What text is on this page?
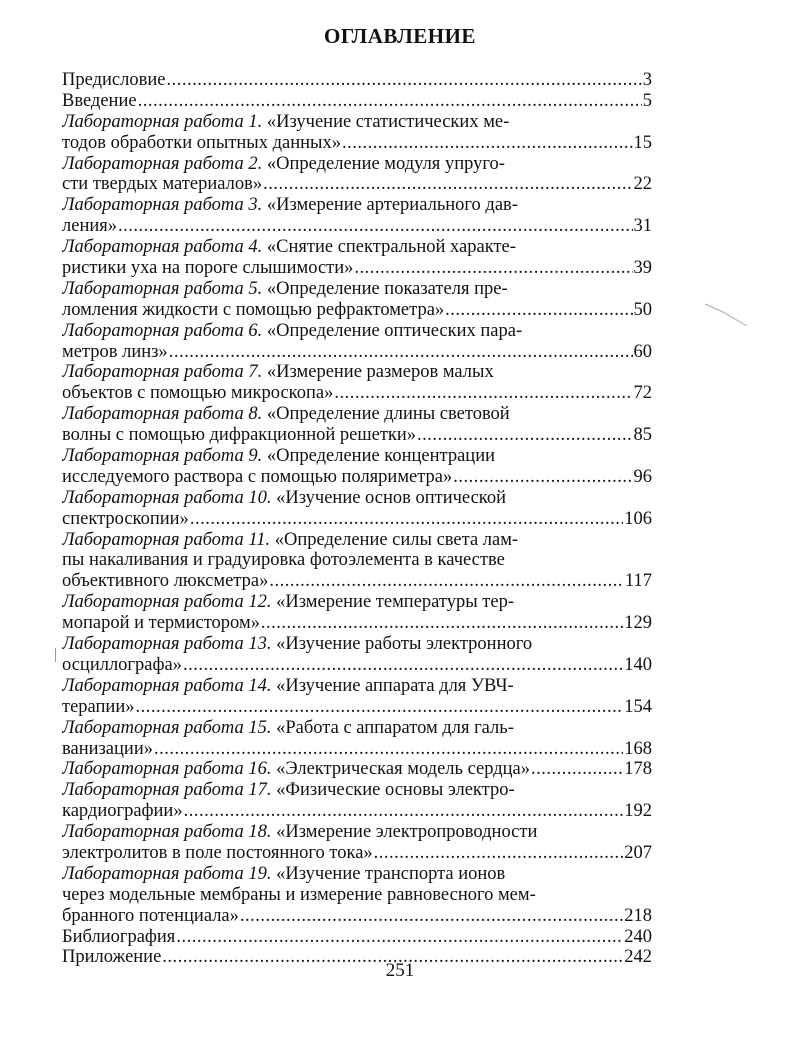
ОГЛАВЛЕНИЕ
Предисловие .....	3
Введение .....	5
Лабораторная работа 1. «Изучение статистических ме-
тодов обработки опытных данных» .....	15
Лабораторная работа 2. «Определение модуля упруго-
сти твердых материалов» .....	22
Лабораторная работа 3. «Измерение артериального дав-
ления» .....	31
Лабораторная работа 4. «Снятие спектральной характе-
ристики уха на пороге слышимости» .....	39
Лабораторная работа 5. «Определение показателя пре-
ломления жидкости с помощью рефрактометра» .....	50
Лабораторная работа 6. «Определение оптических пара-
метров линз» .....	60
Лабораторная работа 7. «Измерение размеров малых
объектов с помощью микроскопа» .....	72
Лабораторная работа 8. «Определение длины световой
волны с помощью дифракционной решетки» .....	85
Лабораторная работа 9. «Определение концентрации
исследуемого раствора с помощью поляриметра» .....	96
Лабораторная работа 10. «Изучение основ оптической
спектроскопии» .....	106
Лабораторная работа 11. «Определение силы света лам-
пы накаливания и градуировка фотоэлемента в качестве
объективного люксметра» .....	117
Лабораторная работа 12. «Измерение температуры тер-
мопарой и термистором» .....	129
Лабораторная работа 13. «Изучение работы электронного
осциллографа» .....	140
Лабораторная работа 14. «Изучение аппарата для УВЧ-
терапии» .....	154
Лабораторная работа 15. «Работа с аппаратом для галь-
ванизации» .....	168
Лабораторная работа 16. «Электрическая модель сердца» .....	178
Лабораторная работа 17. «Физические основы электро-
кардиографии» .....	192
Лабораторная работа 18. «Измерение электропроводности
электролитов в поле постоянного тока» .....	207
Лабораторная работа 19. «Изучение транспорта ионов
через модельные мембраны и измерение равновесного мем-
бранного потенциала» .....	218
Библиография .....	240
Приложение .....	242
251
